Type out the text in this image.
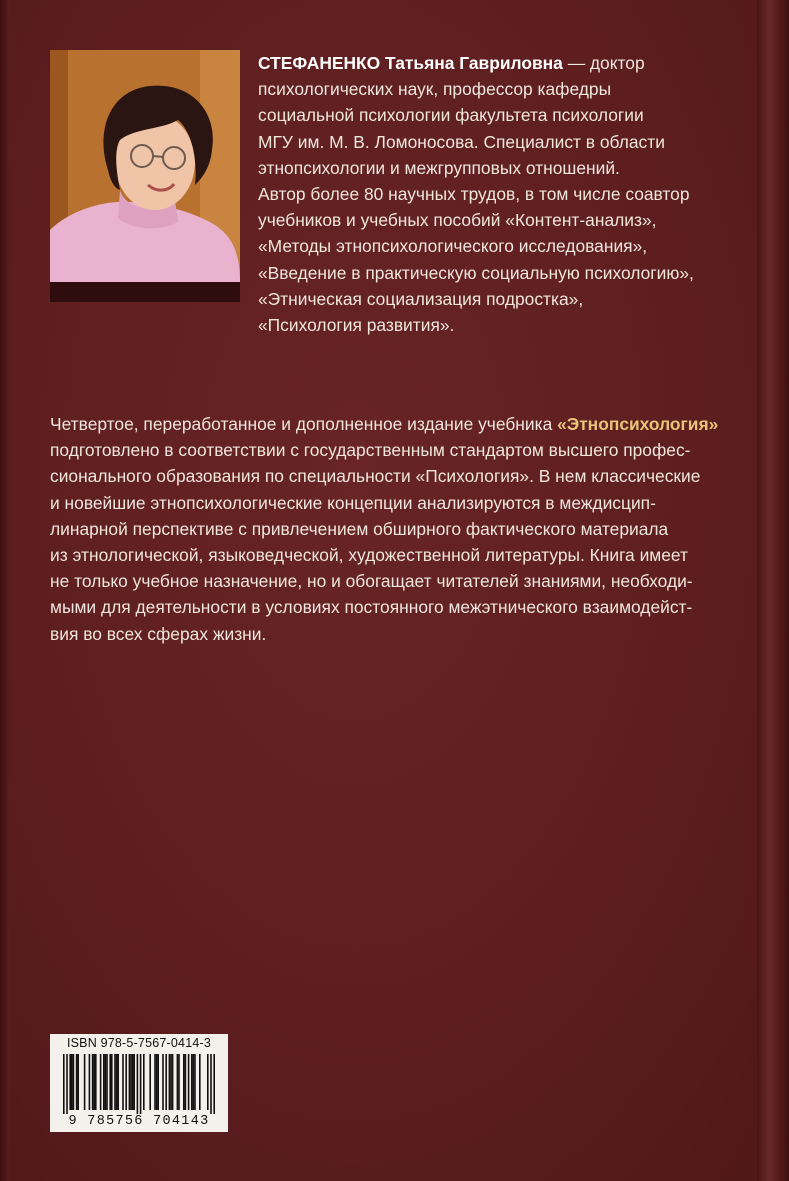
СТЕФАНЕНКО Татьяна Гавриловна — доктор
психологических наук, профессор кафедры
социальной психологии факультета психологии
МГУ им. М. В. Ломоносова. Специалист в области
этнопсихологии и межгрупповых отношений.
Автор более 80 научных трудов, в том числе соавтор
учебников и учебных пособий «Контент-анализ»,
«Методы этнопсихологического исследования»,
«Введение в практическую социальную психологию»,
«Этническая социализация подростка»,
«Психология развития».
Четвертое, переработанное и дополненное издание учебника «Этнопсихология»
подготовлено в соответствии с государственным стандартом высшего профес-
сионального образования по специальности «Психология». В нем классические
и новейшие этнопсихологические концепции анализируются в междисцип-
линарной перспективе с привлечением обширного фактического материала
из этнологической, языковедческой, художественной литературы. Книга имеет
не только учебное назначение, но и обогащает читателей знаниями, необходи-
мыми для деятельности в условиях постоянного межэтнического взаимодейст-
вия во всех сферах жизни.
ISBN 978-5-7567-0414-3
9 785756 704143
